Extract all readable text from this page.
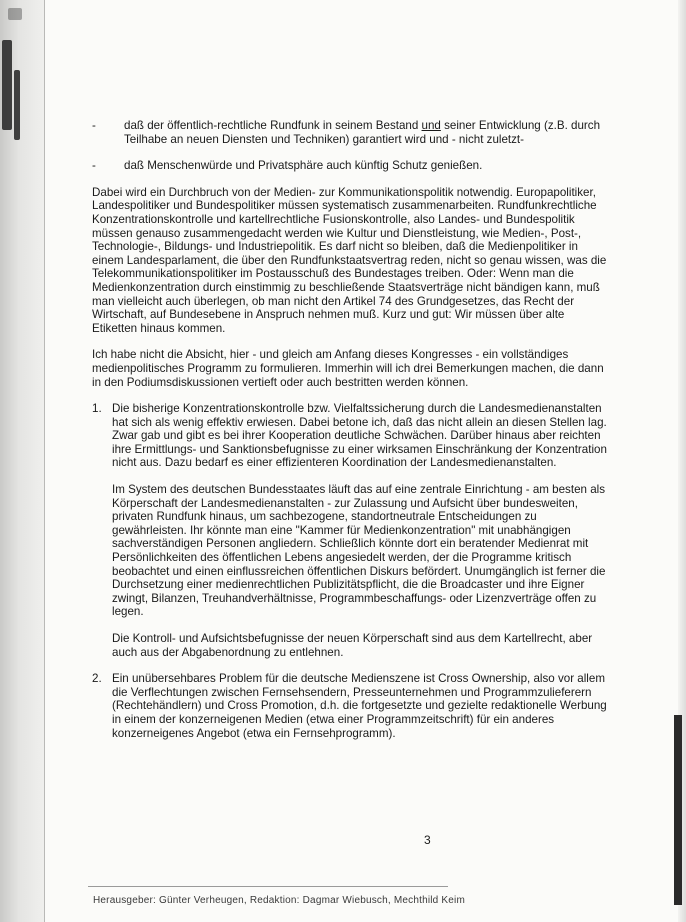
-	daß der öffentlich-rechtliche Rundfunk in seinem Bestand und seiner Entwicklung (z.B. durch Teilhabe an neuen Diensten und Techniken) garantiert wird und - nicht zuletzt-
-	daß Menschenwürde und Privatsphäre auch künftig Schutz genießen.

Dabei wird ein Durchbruch von der Medien- zur Kommunikationspolitik notwendig. Europapolitiker, Landespolitiker und Bundespolitiker müssen systematisch zusammenarbeiten. Rundfunkrechtliche Konzentrationskontrolle und kartellrechtliche Fusionskontrolle, also Landes- und Bundespolitik müssen genauso zusammengedacht werden wie Kultur und Dienstleistung, wie Medien-, Post-, Technologie-, Bildungs- und Industriepolitik. Es darf nicht so bleiben, daß die Medienpolitiker in einem Landesparlament, die über den Rundfunkstaatsvertrag reden, nicht so genau wissen, was die Telekommunikationspolitiker im Postausschuß des Bundestages treiben. Oder: Wenn man die Medienkonzentration durch einstimmig zu beschließende Staatsverträge nicht bändigen kann, muß man vielleicht auch überlegen, ob man nicht den Artikel 74 des Grundgesetzes, das Recht der Wirtschaft, auf Bundesebene in Anspruch nehmen muß. Kurz und gut: Wir müssen über alte Etiketten hinaus kommen.

Ich habe nicht die Absicht, hier - und gleich am Anfang dieses Kongresses - ein vollständiges medienpolitisches Programm zu formulieren. Immerhin will ich drei Bemerkungen machen, die dann in den Podiumsdiskussionen vertieft oder auch bestritten werden können.

1. Die bisherige Konzentrationskontrolle bzw. Vielfaltssicherung durch die Landesmedienanstalten hat sich als wenig effektiv erwiesen. Dabei betone ich, daß das nicht allein an diesen Stellen lag. Zwar gab und gibt es bei ihrer Kooperation deutliche Schwächen. Darüber hinaus aber reichten ihre Ermittlungs- und Sanktionsbefugnisse zu einer wirksamen Einschränkung der Konzentration nicht aus. Dazu bedarf es einer effizienteren Koordination der Landesmedienanstalten.

Im System des deutschen Bundesstaates läuft das auf eine zentrale Einrichtung - am besten als Körperschaft der Landesmedienanstalten - zur Zulassung und Aufsicht über bundesweiten, privaten Rundfunk hinaus, um sachbezogene, standortneutrale Entscheidungen zu gewährleisten. Ihr könnte man eine "Kammer für Medienkonzentration" mit unabhängigen sachverständigen Personen angliedern. Schließlich könnte dort ein beratender Medienrat mit Persönlichkeiten des öffentlichen Lebens angesiedelt werden, der die Programme kritisch beobachtet und einen einflussreichen öffentlichen Diskurs befördert. Unumgänglich ist ferner die Durchsetzung einer medienrechtlichen Publizitätspflicht, die die Broadcaster und ihre Eigner zwingt, Bilanzen, Treuhandverhältnisse, Programmbeschaffungs- oder Lizenzverträge offen zu legen.

Die Kontroll- und Aufsichtsbefugnisse der neuen Körperschaft sind aus dem Kartellrecht, aber auch aus der Abgabenordnung zu entlehnen.

2. Ein unübersehbares Problem für die deutsche Medienszene ist Cross Ownership, also vor allem die Verflechtungen zwischen Fernsehsendern, Presseunternehmen und Programmzulieferern (Rechtehändlern) und Cross Promotion, d.h. die fortgesetzte und gezielte redaktionelle Werbung in einem der konzerneigenen Medien (etwa einer Programmzeitschrift) für ein anderes konzerneigenes Angebot (etwa ein Fernsehprogramm).
3
Herausgeber: Günter Verheugen, Redaktion: Dagmar Wiebusch, Mechthild Keim
